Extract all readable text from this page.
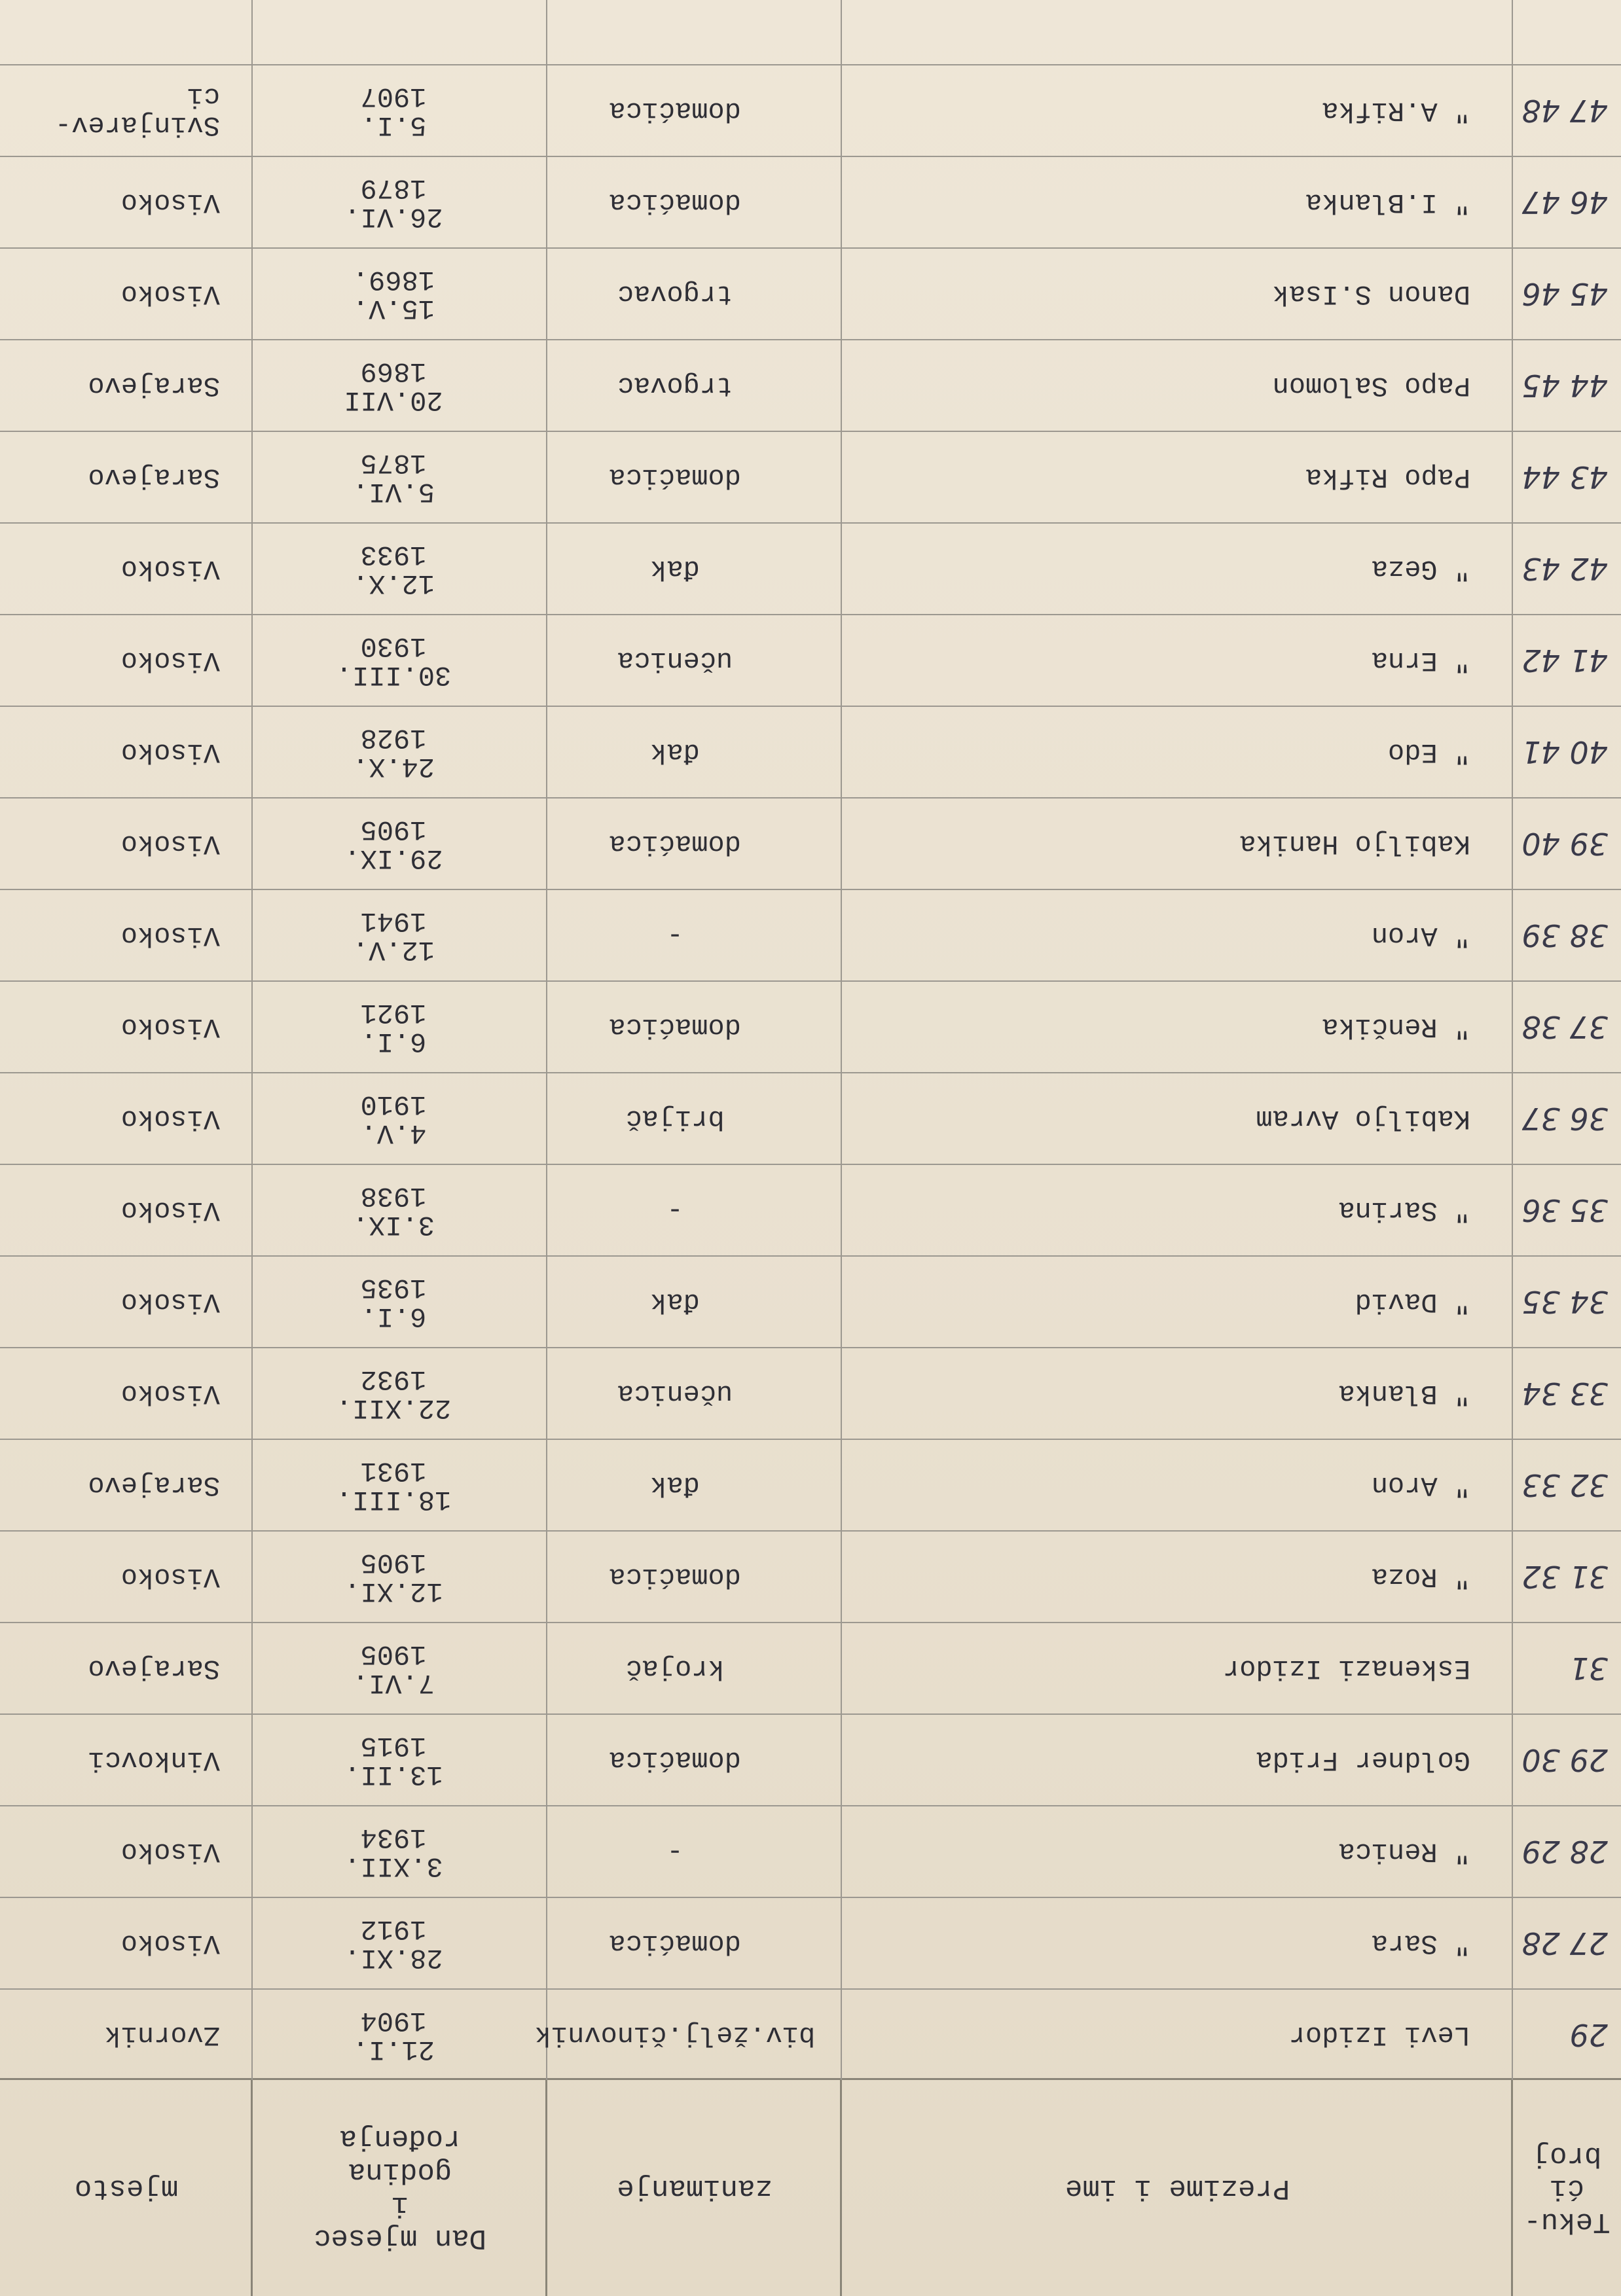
Teku-
ći
broj
Prezime i ime
zanimanje
Dan mjesec
i
godina
rođenja
mjesto
29
Levi Izidor
biv.želj.činovnik
21.I.
1904
Zvornik
27 28
" Sara
domaćica
28.XI.
1912
Visoko
28 29
" Renica
-
3.XII.
1934
Visoko
29 30
Goldner Frida
domaćica
13.II.
1915
Vinkovci
31
Eskenazi Izidor
krojač
7.VI.
1905
Sarajevo
31 32
" Roza
domaćica
12.XI.
1905
Visoko
32 33
" Aron
đak
18.III.
1931
Sarajevo
33 34
" Blanka
učenica
22.XII.
1932
Visoko
34 35
" David
đak
6.I.
1935
Visoko
35 36
" Sarina
-
3.IX.
1938
Visoko
36 37
Kabiljo Avram
brijač
4.V.
1910
Visoko
37 38
" Renčika
domaćica
6.I.
1921
Visoko
38 39
" Aron
-
12.V.
1941
Visoko
39 40
Kabiljo Hanika
domaćica
29.IX.
1905
Visoko
40 41
" Edo
đak
24.X.
1928
Visoko
41 42
" Erna
učenica
30.III.
1930
Visoko
42 43
" Geza
đak
12.X.
1933
Visoko
43 44
Papo Rifka
domaćica
5.VI.
1875
Sarajevo
44 45
Papo Salomon
trgovac
20.VII
1869
Sarajevo
45 46
Danon S.Isak
trgovac
15.V.
1869.
Visoko
46 47
" I.Blanka
domaćica
26.VI.
1879
Visoko
47 48
" A.Rifka
domaćica
5.I.
1907
Svinjarev-
ci
